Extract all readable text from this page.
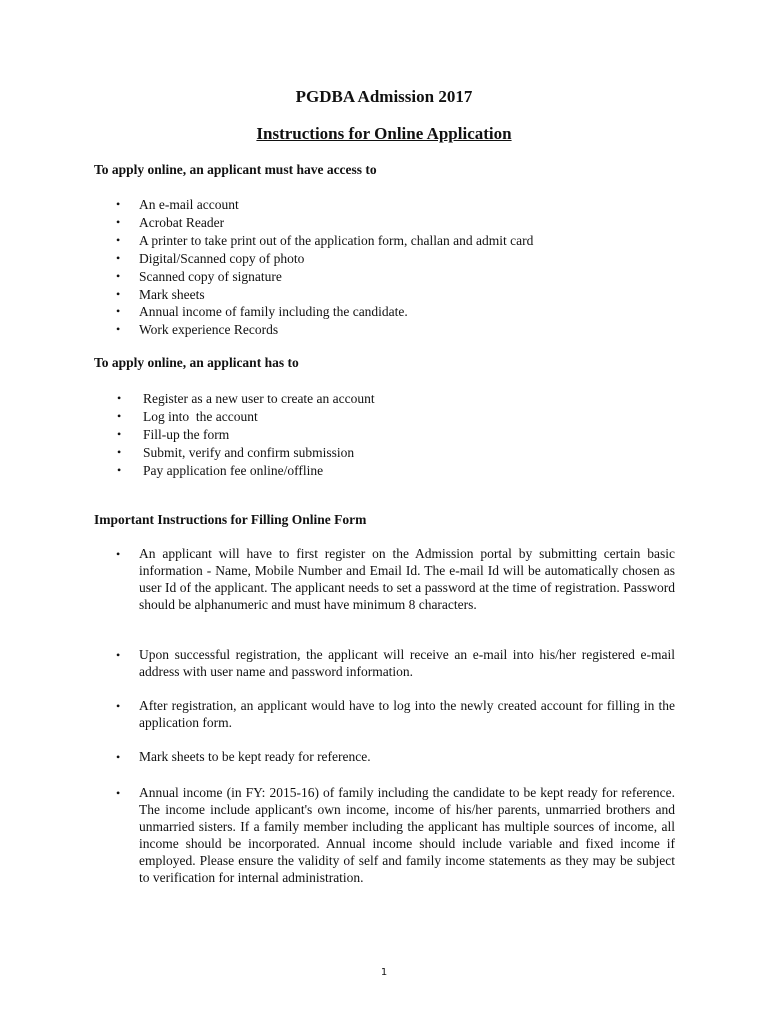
PGDBA Admission 2017
Instructions for Online Application

To apply online, an applicant must have access to

• An e-mail account
• Acrobat Reader
• A printer to take print out of the application form, challan and admit card
• Digital/Scanned copy of photo
• Scanned copy of signature
• Mark sheets
• Annual income of family including the candidate.
• Work experience Records

To apply online, an applicant has to

• Register as a new user to create an account
• Log into  the account
• Fill-up the form
• Submit, verify and confirm submission
• Pay application fee online/offline

Important Instructions for Filling Online Form

• An applicant will have to first register on the Admission portal by submitting certain basic information - Name, Mobile Number and Email Id. The e-mail Id will be automatically chosen as user Id of the applicant. The applicant needs to set a password at the time of registration. Password should be alphanumeric and must have minimum 8 characters.

• Upon successful registration, the applicant will receive an e-mail into his/her registered e-mail address with user name and password information.

• After registration, an applicant would have to log into the newly created account for filling in the application form.

• Mark sheets to be kept ready for reference.

• Annual income (in FY: 2015-16) of family including the candidate to be kept ready for reference. The income include applicant's own income, income of his/her parents, unmarried brothers and unmarried sisters. If a family member including the applicant has multiple sources of income, all income should be incorporated. Annual income should include variable and fixed income if employed. Please ensure the validity of self and family income statements as they may be subject to verification for internal administration.

1
